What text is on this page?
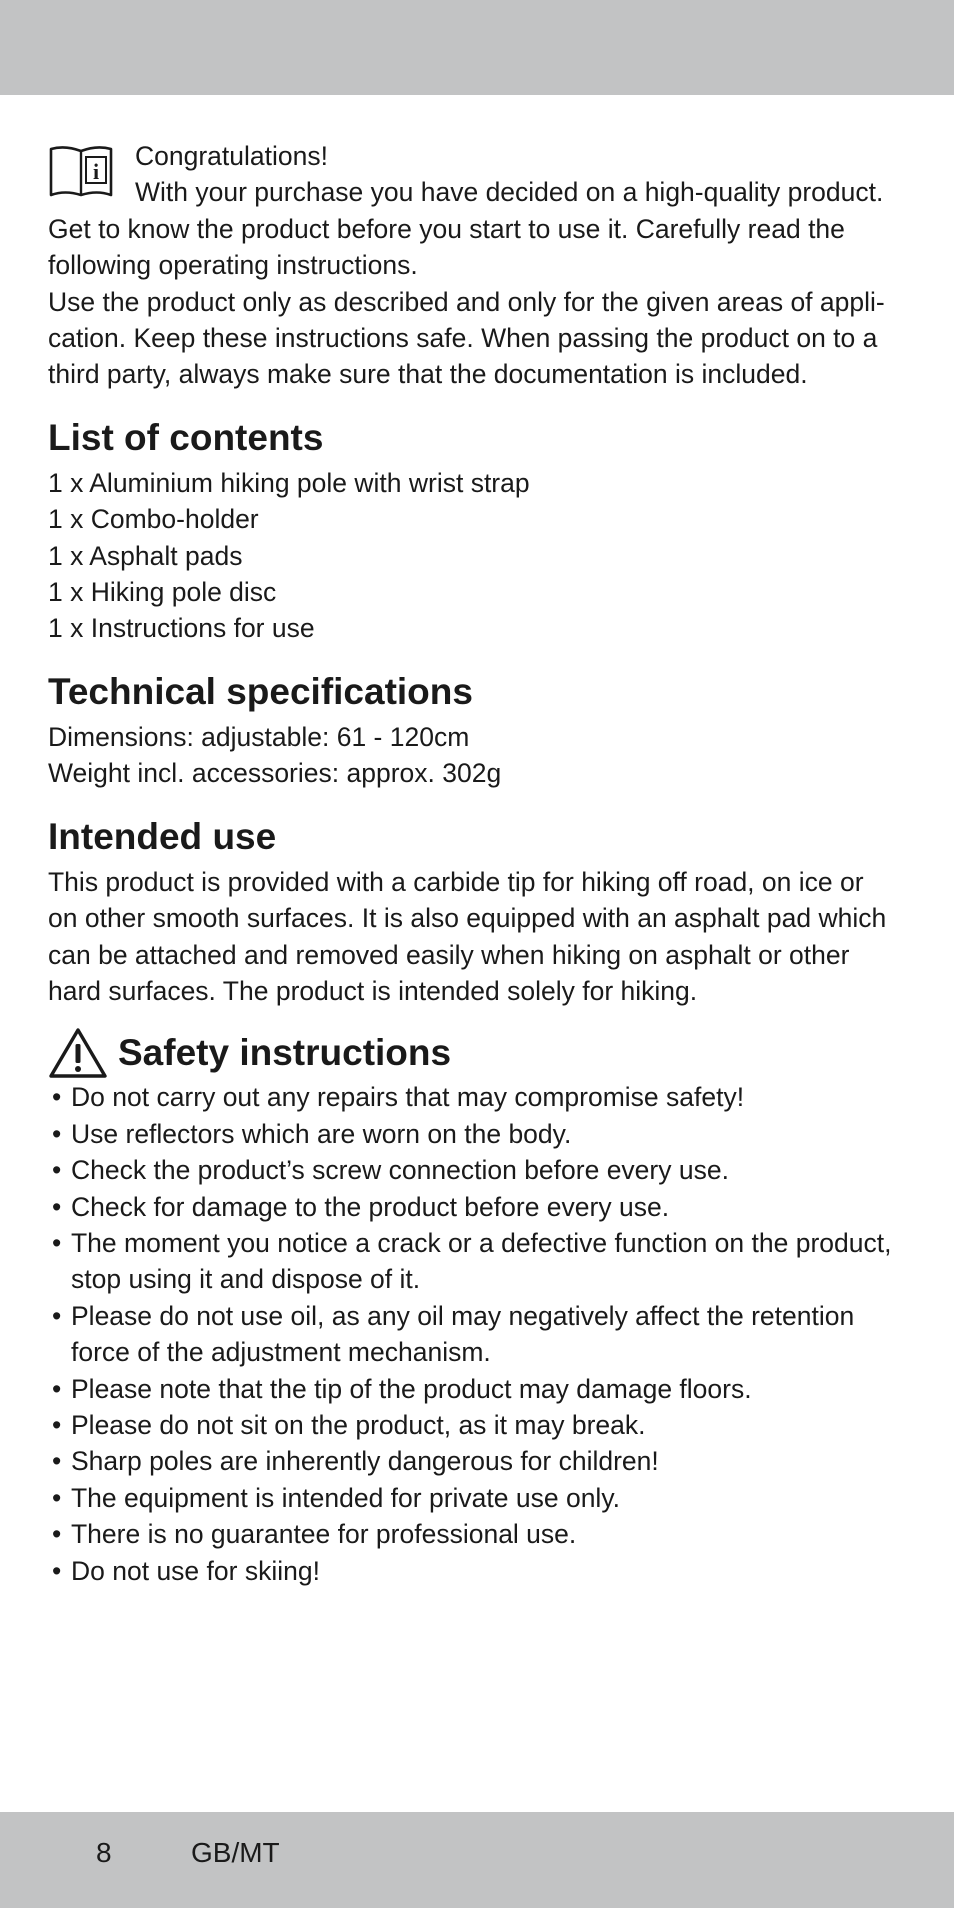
i

Congratulations!

With your purchase you have decided on a high-quality product.

Get to know the product before you start to use it. Carefully read the

following operating instructions.

Use the product only as described and only for the given areas of appli-

cation. Keep these instructions safe. When passing the product on to a

third party, always make sure that the documentation is included.

List of contents
1 x Aluminium hiking pole with wrist strap
1 x Combo-holder
1 x Asphalt pads
1 x Hiking pole disc
1 x Instructions for use
Technical specifications

Dimensions: adjustable: 61 - 120cm

Weight incl. accessories: approx. 302g

Intended use

This product is provided with a carbide tip for hiking off road, on ice or

on other smooth surfaces. It is also equipped with an asphalt pad which

can be attached and removed easily when hiking on asphalt or other

hard surfaces. The product is intended solely for hiking.

Safety instructions
• Do not carry out any repairs that may compromise safety!
• Use reflectors which are worn on the body.
• Check the product’s screw connection before every use.
• Check for damage to the product before every use.
• The moment you notice a crack or a defective function on the product, stop using it and dispose of it.
• Please do not use oil, as any oil may negatively affect the retention force of the adjustment mechanism.
• Please note that the tip of the product may damage floors.
• Please do not sit on the product, as it may break.
• Sharp poles are inherently dangerous for children!
• The equipment is intended for private use only.
• There is no guarantee for professional use.
• Do not use for skiing!
8	GB/MT
